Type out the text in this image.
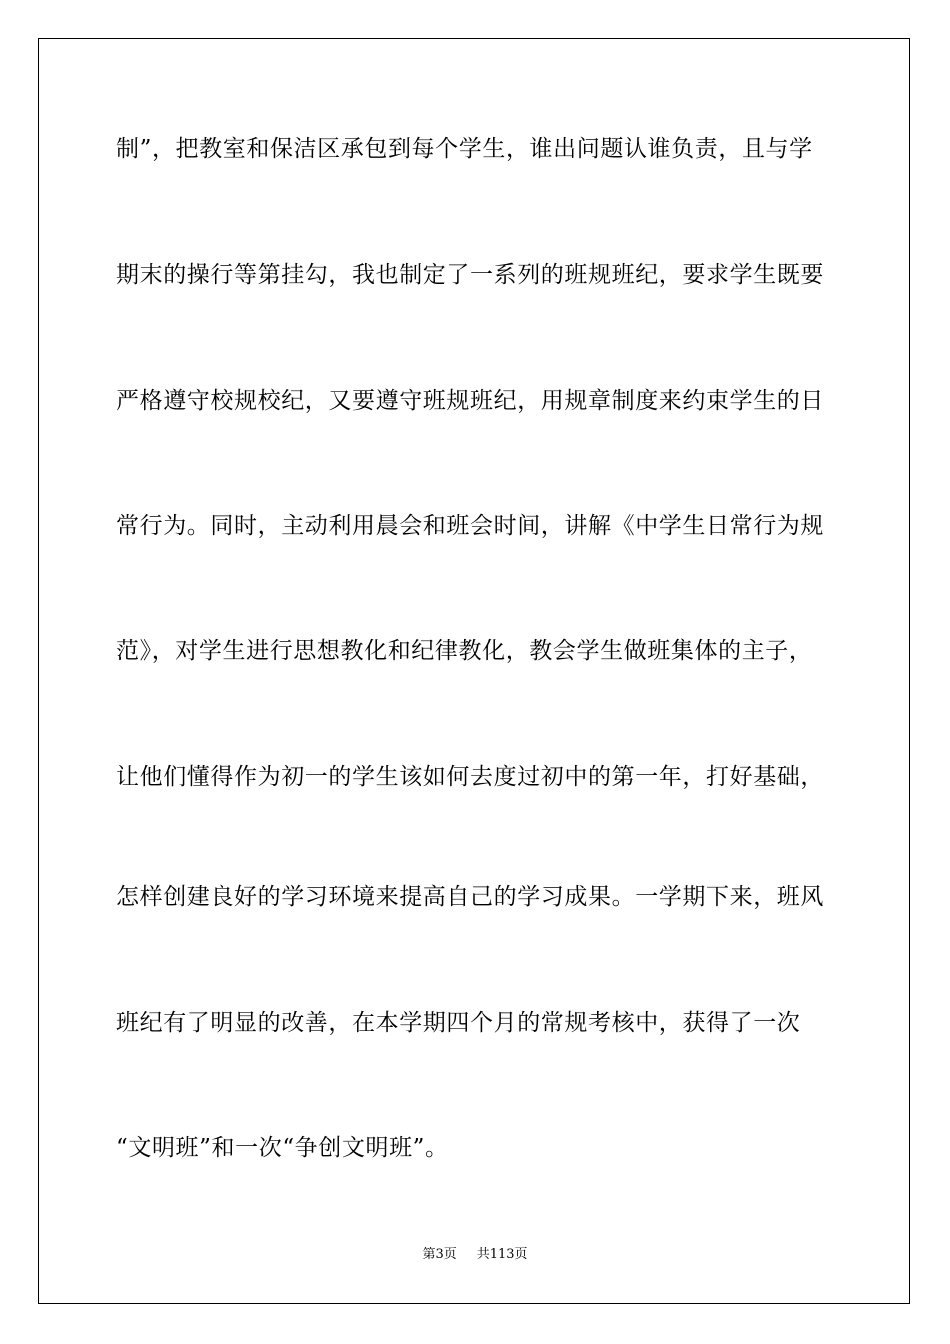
制”，把教室和保洁区承包到每个学生，谁出问题认谁负责，且与学
期末的操行等第挂勾，我也制定了一系列的班规班纪，要求学生既要
严格遵守校规校纪，又要遵守班规班纪，用规章制度来约束学生的日
常行为。同时，主动利用晨会和班会时间，讲解《中学生日常行为规
范》，对学生进行思想教化和纪律教化，教会学生做班集体的主子，
让他们懂得作为初一的学生该如何去度过初中的第一年，打好基础，
怎样创建良好的学习环境来提高自己的学习成果。一学期下来，班风
班纪有了明显的改善，在本学期四个月的常规考核中，获得了一次
“文明班”和一次“争创文明班”。
第3页 共113页
